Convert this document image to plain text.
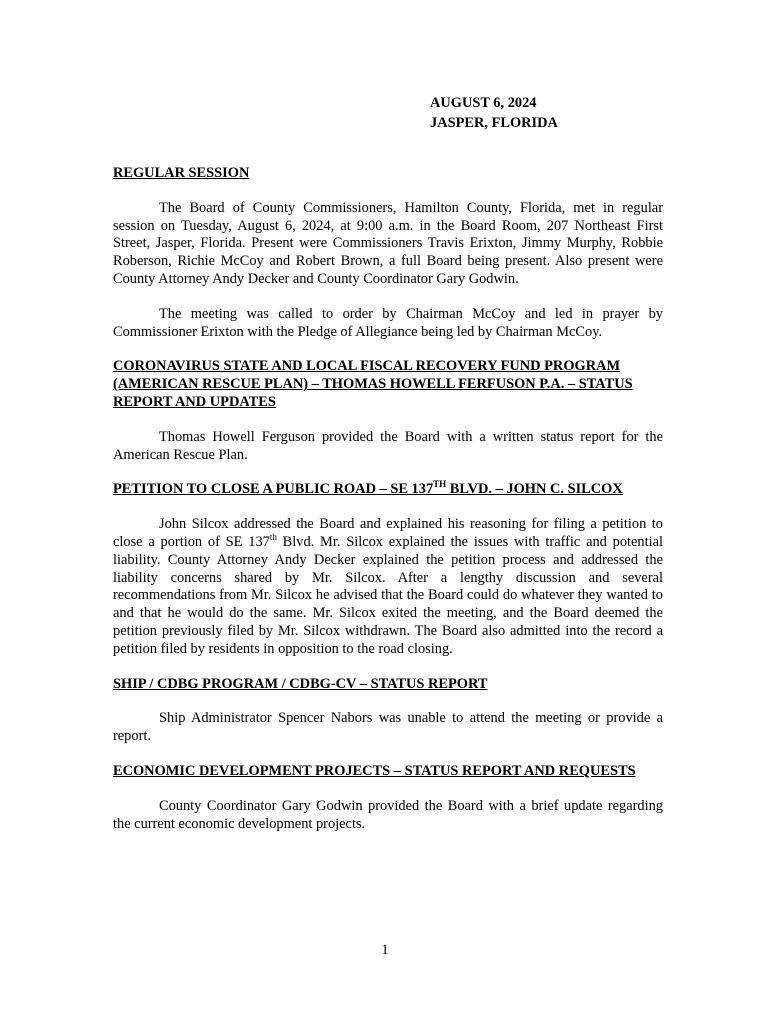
AUGUST 6, 2024
JASPER, FLORIDA

REGULAR SESSION

The Board of County Commissioners, Hamilton County, Florida, met in regular session on Tuesday, August 6, 2024, at 9:00 a.m. in the Board Room, 207 Northeast First Street, Jasper, Florida. Present were Commissioners Travis Erixton, Jimmy Murphy, Robbie Roberson, Richie McCoy and Robert Brown, a full Board being present. Also present were County Attorney Andy Decker and County Coordinator Gary Godwin.

The meeting was called to order by Chairman McCoy and led in prayer by Commissioner Erixton with the Pledge of Allegiance being led by Chairman McCoy.

CORONAVIRUS STATE AND LOCAL FISCAL RECOVERY FUND PROGRAM (AMERICAN RESCUE PLAN) – THOMAS HOWELL FERFUSON P.A. – STATUS REPORT AND UPDATES

Thomas Howell Ferguson provided the Board with a written status report for the American Rescue Plan.

PETITION TO CLOSE A PUBLIC ROAD – SE 137TH BLVD. – JOHN C. SILCOX

John Silcox addressed the Board and explained his reasoning for filing a petition to close a portion of SE 137th Blvd. Mr. Silcox explained the issues with traffic and potential liability. County Attorney Andy Decker explained the petition process and addressed the liability concerns shared by Mr. Silcox. After a lengthy discussion and several recommendations from Mr. Silcox he advised that the Board could do whatever they wanted to and that he would do the same. Mr. Silcox exited the meeting, and the Board deemed the petition previously filed by Mr. Silcox withdrawn. The Board also admitted into the record a petition filed by residents in opposition to the road closing.

SHIP / CDBG PROGRAM / CDBG-CV – STATUS REPORT

Ship Administrator Spencer Nabors was unable to attend the meeting or provide a report.

ECONOMIC DEVELOPMENT PROJECTS – STATUS REPORT AND REQUESTS

County Coordinator Gary Godwin provided the Board with a brief update regarding the current economic development projects.

1
